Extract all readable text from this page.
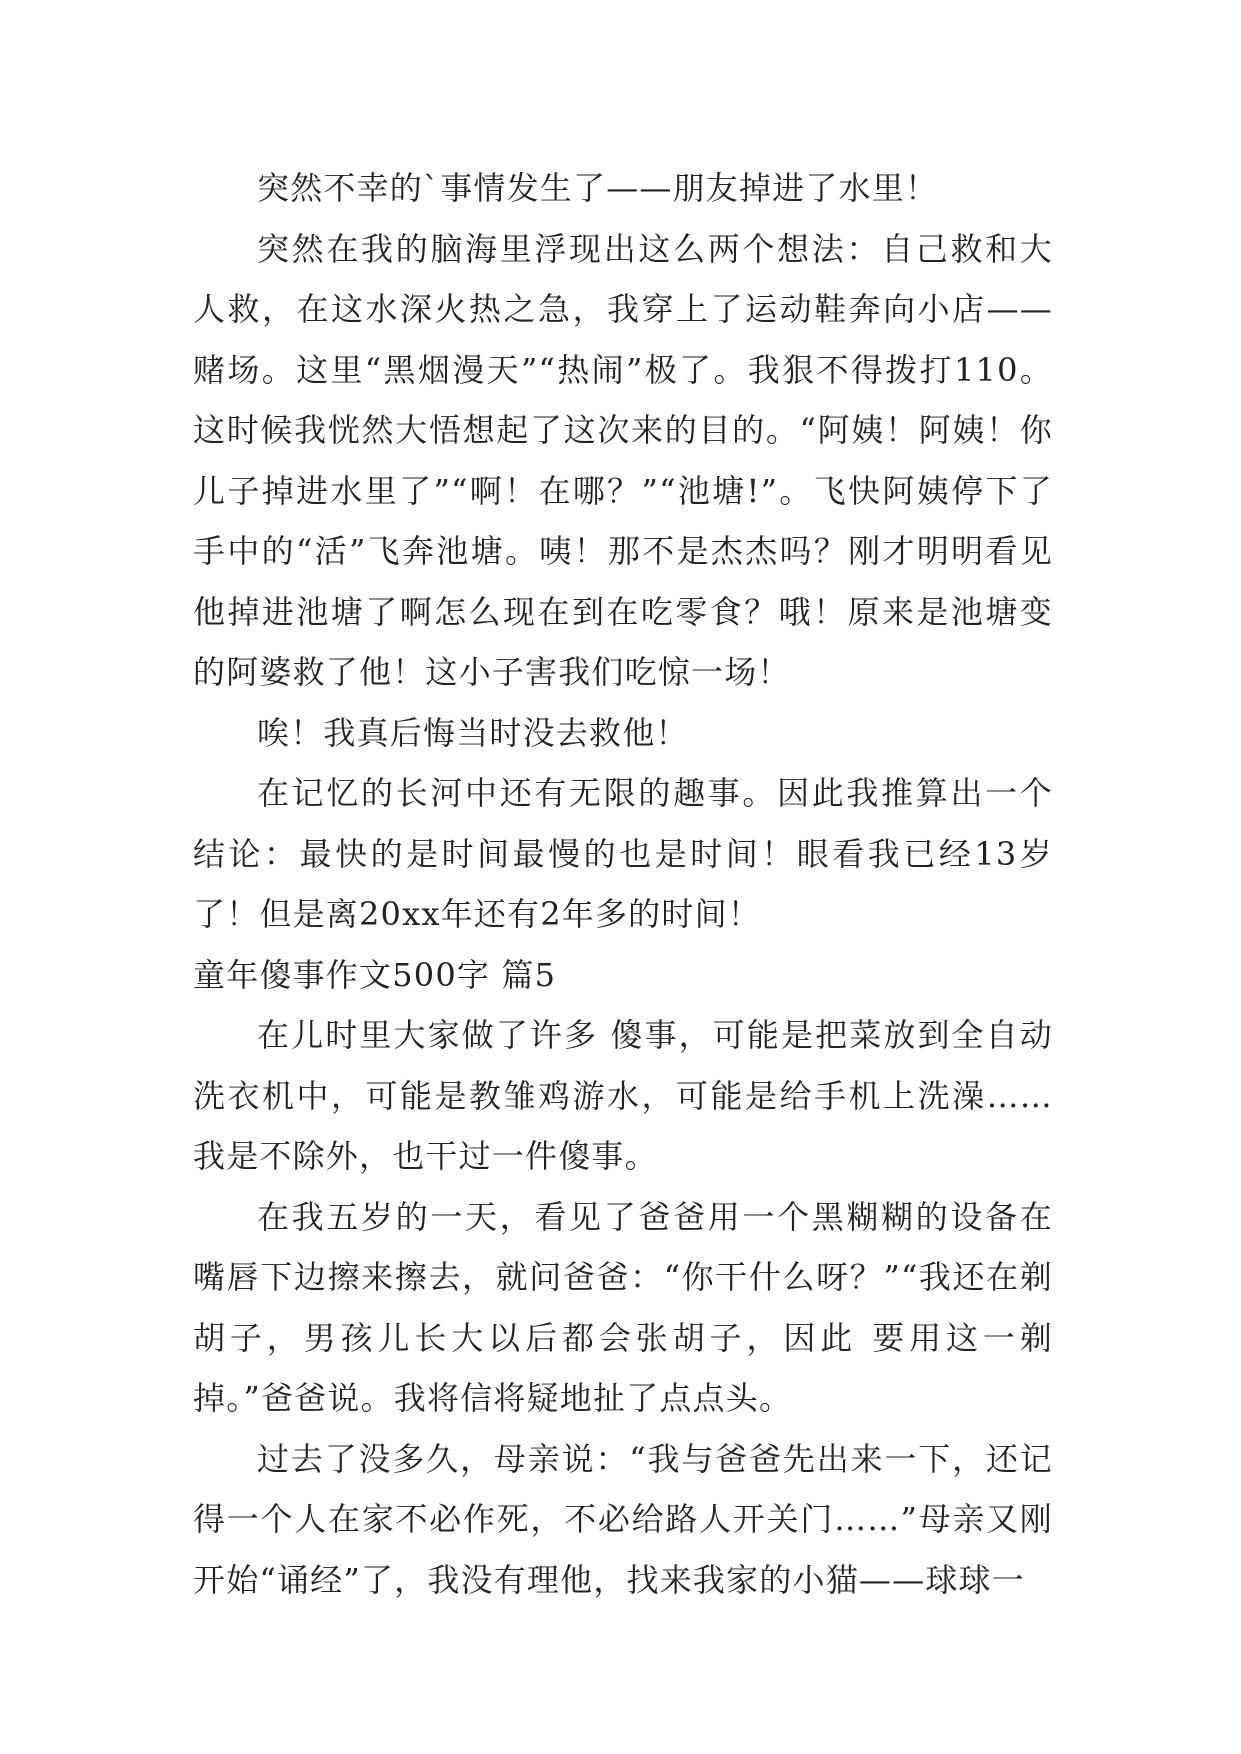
突然不幸的`事情发生了——朋友掉进了水里！

突然在我的脑海里浮现出这么两个想法：自己救和大人救，在这水深火热之急，我穿上了运动鞋奔向小店——赌场。这里“黑烟漫天”“热闹”极了。我狠不得拨打110。这时候我恍然大悟想起了这次来的目的。“阿姨！阿姨！你儿子掉进水里了”“啊！在哪？”“池塘!”。飞快阿姨停下了手中的“活”飞奔池塘。咦！那不是杰杰吗？刚才明明看见他掉进池塘了啊怎么现在到在吃零食？哦！原来是池塘变的阿婆救了他！这小子害我们吃惊一场！

唉！我真后悔当时没去救他！

在记忆的长河中还有无限的趣事。因此我推算出一个结论：最快的是时间最慢的也是时间！眼看我已经13岁了！但是离20xx年还有2年多的时间！

童年傻事作文500字 篇5

在儿时里大家做了许多 傻事，可能是把菜放到全自动洗衣机中，可能是教雏鸡游水，可能是给手机上洗澡……我是不除外，也干过一件傻事。

在我五岁的一天，看见了爸爸用一个黑糊糊的设备在嘴唇下边擦来擦去，就问爸爸：“你干什么呀？”“我还在剃胡子，男孩儿长大以后都会张胡子，因此 要用这一剃掉。”爸爸说。我将信将疑地扯了点点头。

过去了没多久，母亲说：“我与爸爸先出来一下，还记得一个人在家不必作死，不必给路人开关门……”母亲又刚开始“诵经”了，我没有理他，找来我家的小猫——球球一
